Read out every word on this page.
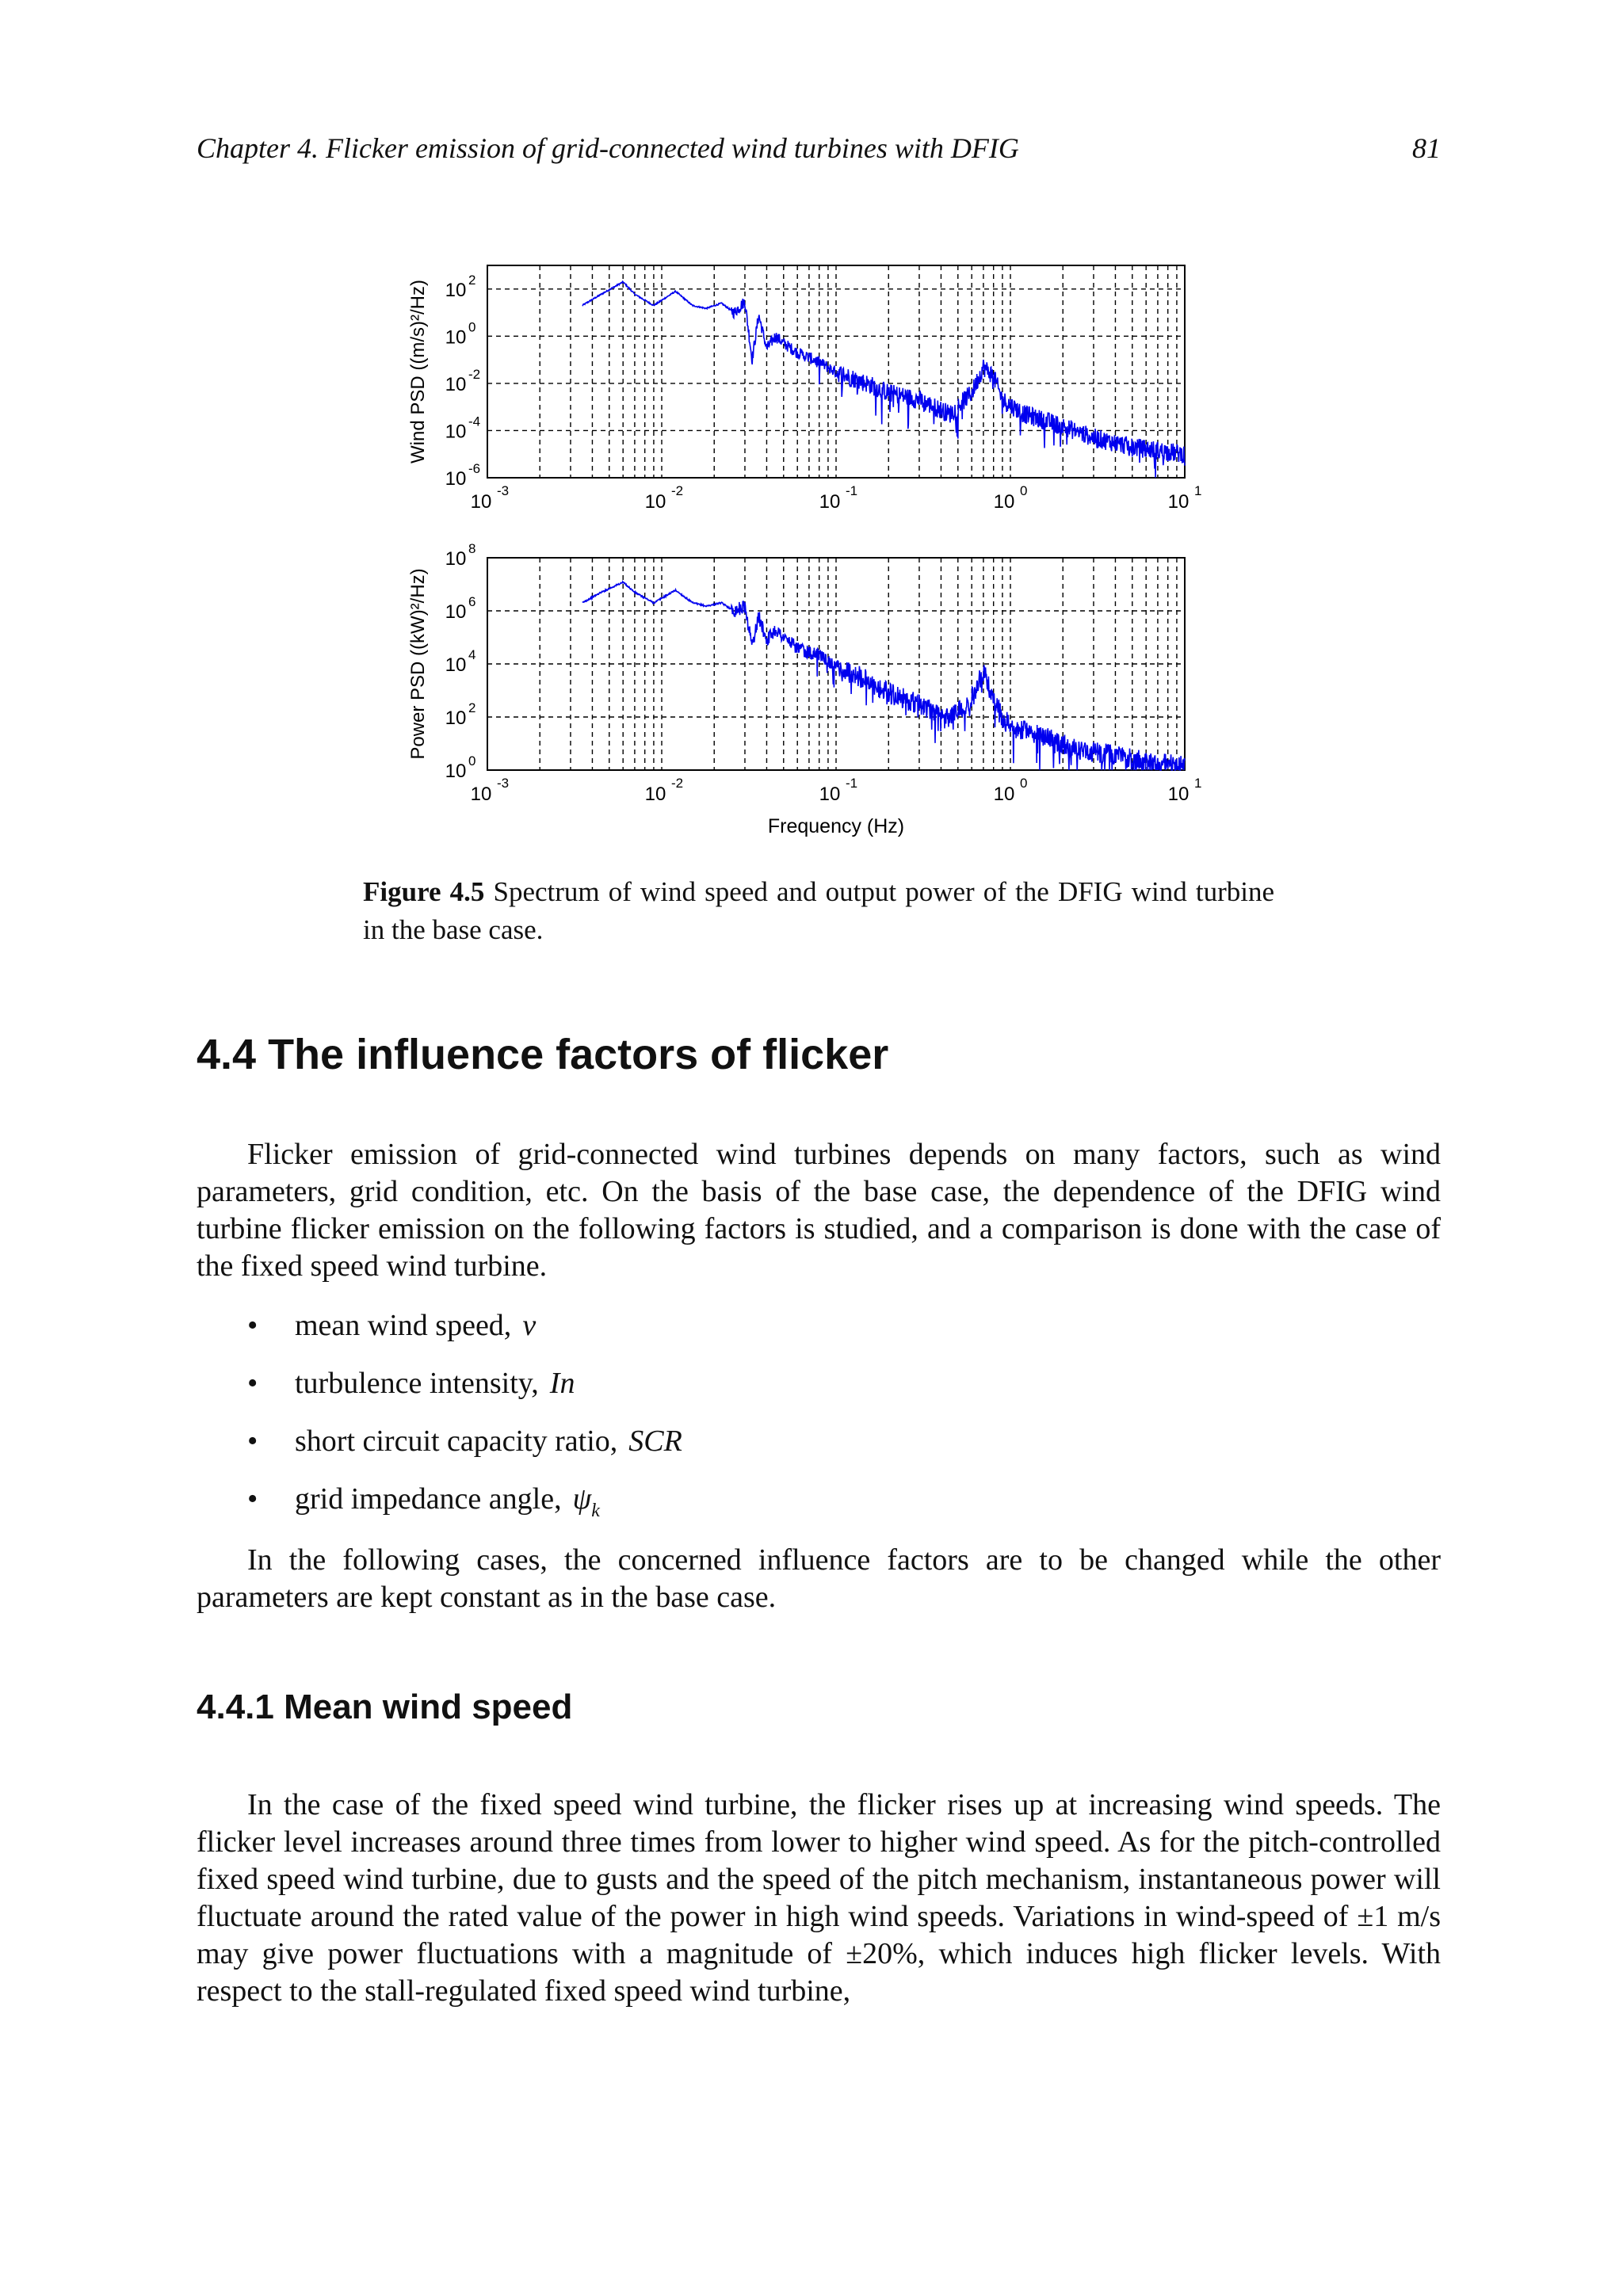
Chapter 4. Flicker emission of grid-connected wind turbines with DFIG	81
10
-3
10
-2
10
-1
10
0
10
1
10 -6
10 -4
10 -2
10 0
10 2
Wind PSD ((m/s)²/Hz)
10
-3
10
-2
10
-1
10
0
10
1
10 0
10 2
10 4
10 6
10 8
Power PSD ((kW)²/Hz)
Frequency (Hz)
Figure 4.5 Spectrum of wind speed and output power of the DFIG wind turbine in the base case.
4.4 The influence factors of flicker

Flicker emission of grid-connected wind turbines depends on many factors, such as wind parameters, grid condition, etc. On the basis of the base case, the dependence of the DFIG wind turbine flicker emission on the following factors is studied, and a comparison is done with the case of the fixed speed wind turbine.

• mean wind speed, v
• turbulence intensity, In
• short circuit capacity ratio, SCR
• grid impedance angle, $\psi_k$

In the following cases, the concerned influence factors are to be changed while the other parameters are kept constant as in the base case.

4.4.1 Mean wind speed

In the case of the fixed speed wind turbine, the flicker rises up at increasing wind speeds. The flicker level increases around three times from lower to higher wind speed. As for the pitch-controlled fixed speed wind turbine, due to gusts and the speed of the pitch mechanism, instantaneous power will fluctuate around the rated value of the power in high wind speeds. Variations in wind-speed of ±1 m/s may give power fluctuations with a magnitude of ±20%, which induces high flicker levels. With respect to the stall-regulated fixed speed wind turbine,
